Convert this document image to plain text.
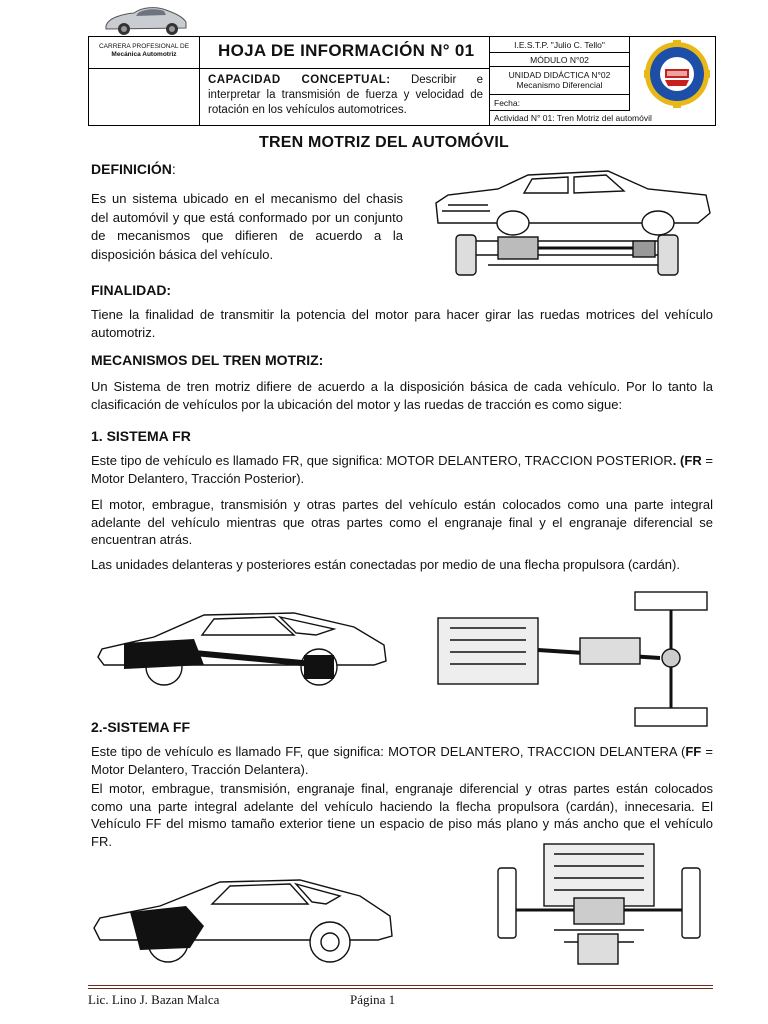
CARRERA PROFESIONAL DE
Mecánica Automotriz	HOJA DE INFORMACIÓN N° 01
CAPACIDAD CONCEPTUAL: Describir e interpretar la transmisión de fuerza y velocidad de rotación en los vehículos automotrices.
I.E.S.T.P. "Julio C. Tello"
MÓDULO N°02
UNIDAD DIDÁCTICA N°02
Mecanismo Diferencial
Fecha:
Actividad N° 01: Tren Motriz del automóvil
TREN MOTRIZ DEL AUTOMÓVIL

DEFINICIÓN:

Es un sistema ubicado en el mecanismo del chasis del automóvil y que está conformado por un conjunto de mecanismos que difieren de acuerdo a la disposición básica del vehículo.

FINALIDAD:

Tiene la finalidad de transmitir la potencia del motor para hacer girar las ruedas motrices del vehículo automotriz.

MECANISMOS DEL TREN MOTRIZ:

Un Sistema de tren motriz difiere de acuerdo a la disposición básica de cada vehículo. Por lo tanto la clasificación de vehículos por la ubicación del motor y las ruedas de tracción es como sigue:

1. SISTEMA FR

Este tipo de vehículo es llamado FR, que significa: MOTOR DELANTERO, TRACCION POSTERIOR. (FR = Motor Delantero, Tracción Posterior).

El motor, embrague, transmisión y otras partes del vehículo están colocados como una parte integral adelante del vehículo mientras que otras partes como el engranaje final y el engranaje diferencial se encuentran atrás.

Las unidades delanteras y posteriores están conectadas por medio de una flecha propulsora (cardán).

2.-SISTEMA FF

Este tipo de vehículo es llamado FF, que significa: MOTOR DELANTERO, TRACCION DELANTERA (FF = Motor Delantero, Tracción Delantera).

El motor, embrague, transmisión, engranaje final, engranaje diferencial y otras partes están colocados como una parte integral adelante del vehículo haciendo la flecha propulsora (cardán), innecesaria. El Vehículo FF del mismo tamaño exterior tiene un espacio de piso más plano y más ancho que el vehículo FR.

Lic. Lino J. Bazan Malca	Página 1
